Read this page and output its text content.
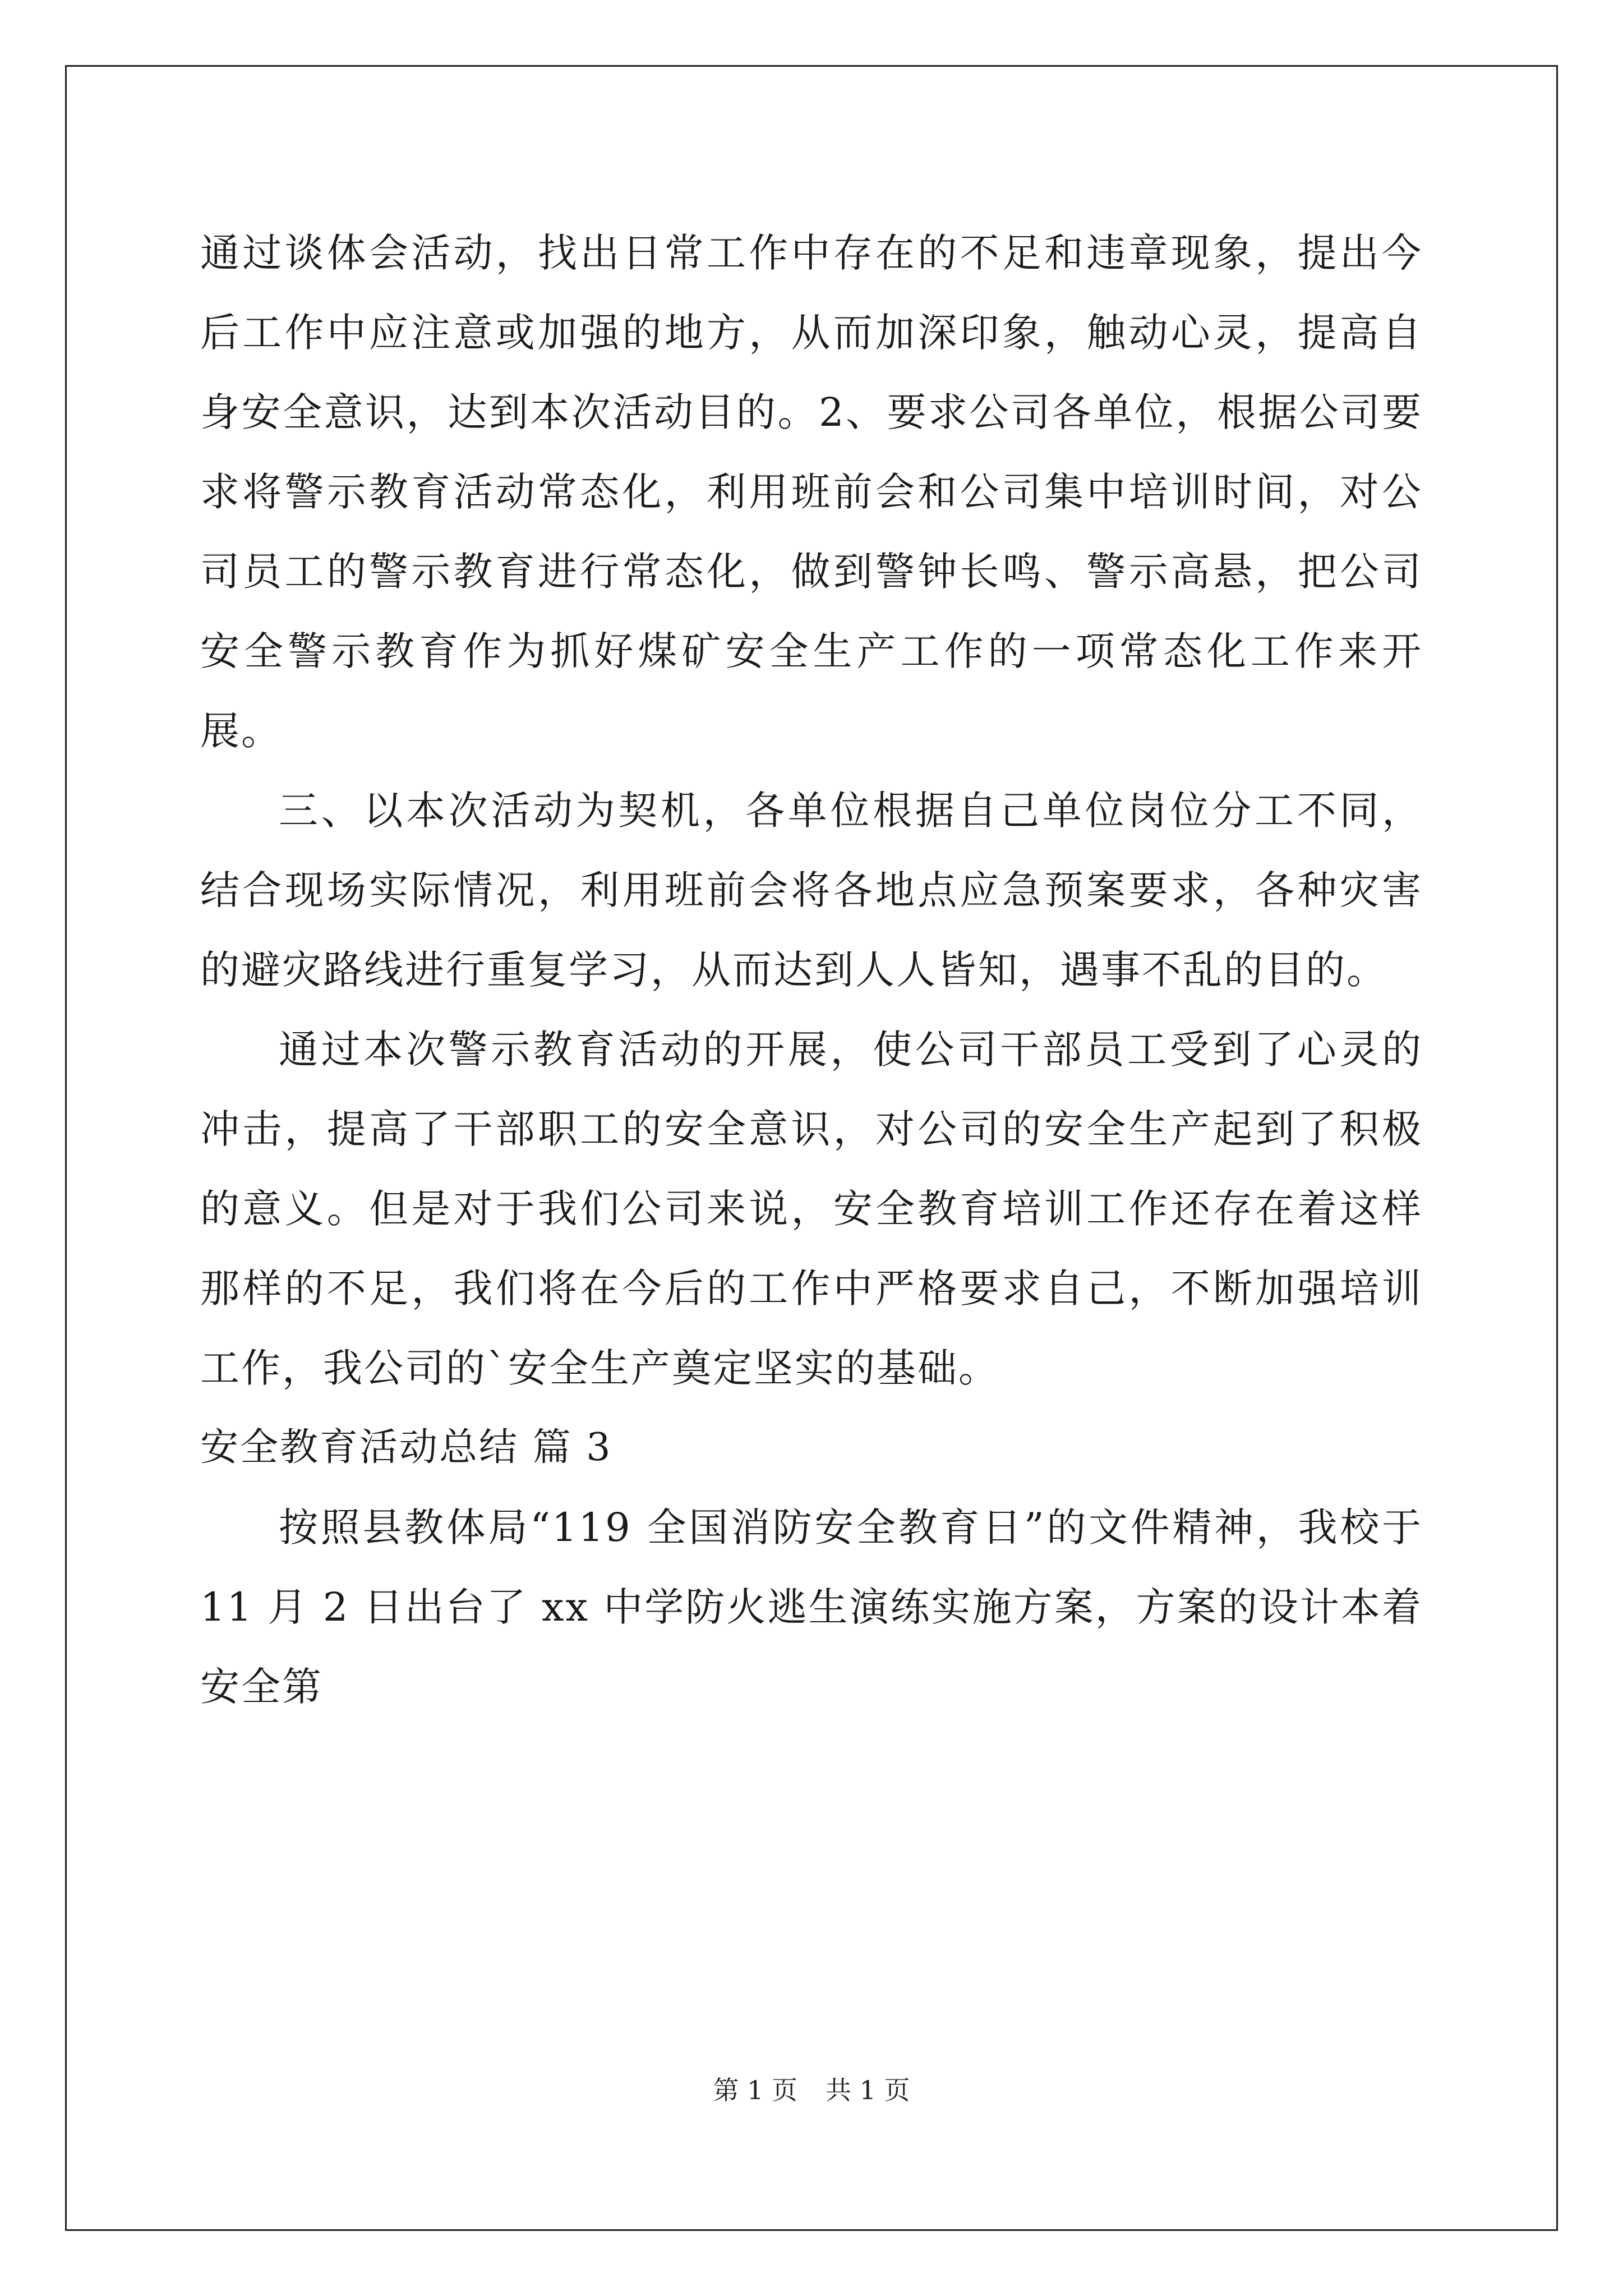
通过谈体会活动，找出日常工作中存在的不足和违章现象，提出今后工作中应注意或加强的地方，从而加深印象，触动心灵，提高自身安全意识，达到本次活动目的。2、要求公司各单位，根据公司要求将警示教育活动常态化，利用班前会和公司集中培训时间，对公司员工的警示教育进行常态化，做到警钟长鸣、警示高悬，把公司安全警示教育作为抓好煤矿安全生产工作的一项常态化工作来开展。

三、以本次活动为契机，各单位根据自己单位岗位分工不同，结合现场实际情况，利用班前会将各地点应急预案要求，各种灾害的避灾路线进行重复学习，从而达到人人皆知，遇事不乱的目的。

通过本次警示教育活动的开展，使公司干部员工受到了心灵的冲击，提高了干部职工的安全意识，对公司的安全生产起到了积极的意义。但是对于我们公司来说，安全教育培训工作还存在着这样那样的不足，我们将在今后的工作中严格要求自己，不断加强培训工作，我公司的`安全生产奠定坚实的基础。

安全教育活动总结 篇 3

按照县教体局“119 全国消防安全教育日”的文件精神，我校于 11 月 2 日出台了 xx 中学防火逃生演练实施方案，方案的设计本着安全第

第 1 页 共 1 页
